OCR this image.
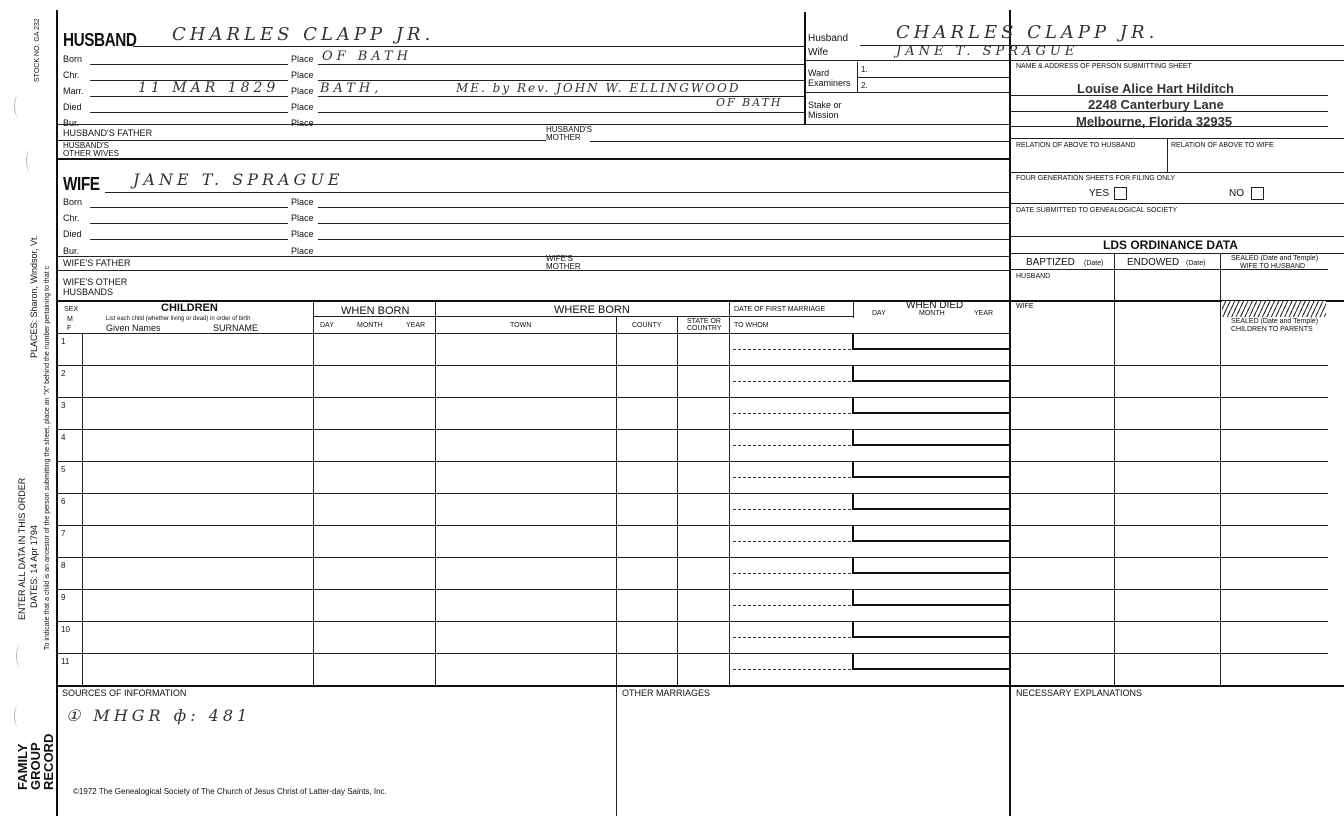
STOCK NO. GA 232
PLACES: Sharon, Windsor, Vt. To indicate that a child is an ancestor of the person submitting the sheet, place an "X" behind the number pertaining to that c
ENTER ALL DATA IN THIS ORDER DATES: 14 Apr 1794
FAMILY
GROUP
RECORD
HUSBAND CHARLES CLAPP JR.
Born	Place OF BATH
Chr.	Place
Marr.	11 MAR 1829 Place BATH,	ME. by Rev. JOHN W. ELLINGWOOD
OF BATH
Died	Place
Bur.	Place
HUSBAND'S FATHER	HUSBAND'S
MOTHER
HUSBAND'S
OTHER WIVES
Husband	CHARLES CLAPP JR.
Wife	JANE T. SPRAGUE
Ward
Examiners
1.
2.
Stake or
Mission
WIFE JANE T. SPRAGUE
Born	Place
Chr.	Place
Died	Place
Bur.	Place
WIFE'S FATHER	WIFE'S
MOTHER
WIFE'S OTHER
HUSBANDS
NAME & ADDRESS OF PERSON SUBMITTING SHEET
Louise Alice Hart Hilditch
2248 Canterbury Lane
Melbourne, Florida 32935
RELATION OF ABOVE TO HUSBAND	RELATION OF ABOVE TO WIFE
FOUR GENERATION SHEETS FOR FILING ONLY
YES	NO
DATE SUBMITTED TO GENEALOGICAL SOCIETY
LDS ORDINANCE DATA
BAPTIZED (Date) ENDOWED (Date)
SEALED (Date and Temple)
WIFE TO HUSBAND
HUSBAND
WIFE
SEALED (Date and Temple)
CHILDREN TO PARENTS
SEX
M
F
CHILDREN
List each child (whether living or dead) in order of birth
Given Names	SURNAME
WHEN BORN
DAY	MONTH	YEAR
WHERE BORN
TOWN	COUNTY
STATE OR
COUNTRY
DATE OF FIRST MARRIAGE
TO WHOM
WHEN DIED
DAY	MONTH	YEAR
1
2
3
4
5
6
7
8
9
10
11
SOURCES OF INFORMATION
① MHGR ф: 481
OTHER MARRIAGES	NECESSARY EXPLANATIONS
©1972 The Genealogical Society of The Church of Jesus Christ of Latter-day Saints, Inc.
